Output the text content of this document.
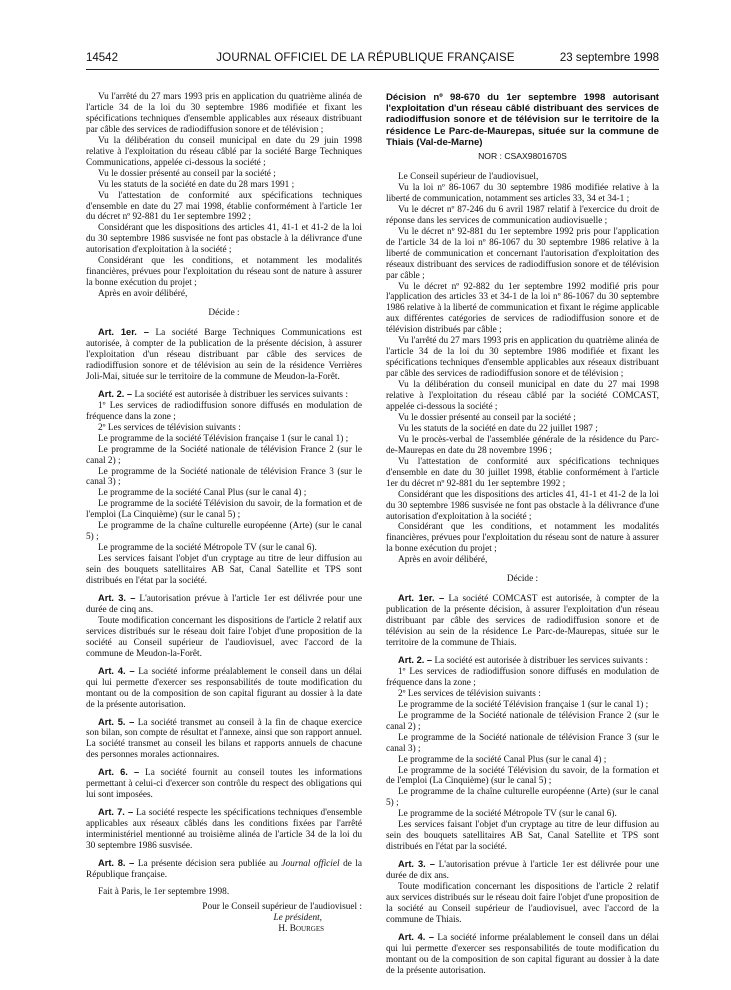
14542	JOURNAL OFFICIEL DE LA RÉPUBLIQUE FRANÇAISE	23 septembre 1998

Vu l'arrêté du 27 mars 1993 pris en application du quatrième alinéa de l'article 34 de la loi du 30 septembre 1986 modifiée et fixant les spécifications techniques d'ensemble applicables aux réseaux distribuant par câble des services de radiodiffusion sonore et de télévision ;

Vu la délibération du conseil municipal en date du 29 juin 1998 relative à l'exploitation du réseau câblé par la société Barge Techniques Communications, appelée ci-dessous la société ;

Vu le dossier présenté au conseil par la société ;

Vu les statuts de la société en date du 28 mars 1991 ;

Vu l'attestation de conformité aux spécifications techniques d'ensemble en date du 27 mai 1998, établie conformément à l'article 1er du décret nº 92-881 du 1er septembre 1992 ;

Considérant que les dispositions des articles 41, 41-1 et 41-2 de la loi du 30 septembre 1986 susvisée ne font pas obstacle à la délivrance d'une autorisation d'exploitation à la société ;

Considérant que les conditions, et notamment les modalités financières, prévues pour l'exploitation du réseau sont de nature à assurer la bonne exécution du projet ;

Après en avoir délibéré,

Décide :

Art. 1er. – La société Barge Techniques Communications est autorisée, à compter de la publication de la présente décision, à assurer l'exploitation d'un réseau distribuant par câble des services de radiodiffusion sonore et de télévision au sein de la résidence Verrières Joli-Mai, située sur le territoire de la commune de Meudon-la-Forêt.

Art. 2. – La société est autorisée à distribuer les services suivants :

1º Les services de radiodiffusion sonore diffusés en modulation de fréquence dans la zone ;

2º Les services de télévision suivants :

Le programme de la société Télévision française 1 (sur le canal 1) ;

Le programme de la Société nationale de télévision France 2 (sur le canal 2) ;

Le programme de la Société nationale de télévision France 3 (sur le canal 3) ;

Le programme de la société Canal Plus (sur le canal 4) ;

Le programme de la société Télévision du savoir, de la formation et de l'emploi (La Cinquième) (sur le canal 5) ;

Le programme de la chaîne culturelle européenne (Arte) (sur le canal 5) ;

Le programme de la société Métropole TV (sur le canal 6).

Les services faisant l'objet d'un cryptage au titre de leur diffusion au sein des bouquets satellitaires AB Sat, Canal Satellite et TPS sont distribués en l'état par la société.

Art. 3. – L'autorisation prévue à l'article 1er est délivrée pour une durée de cinq ans.

Toute modification concernant les dispositions de l'article 2 relatif aux services distribués sur le réseau doit faire l'objet d'une proposition de la société au Conseil supérieur de l'audiovisuel, avec l'accord de la commune de Meudon-la-Forêt.

Art. 4. – La société informe préalablement le conseil dans un délai qui lui permette d'exercer ses responsabilités de toute modification du montant ou de la composition de son capital figurant au dossier à la date de la présente autorisation.

Art. 5. – La société transmet au conseil à la fin de chaque exercice son bilan, son compte de résultat et l'annexe, ainsi que son rapport annuel. La société transmet au conseil les bilans et rapports annuels de chacune des personnes morales actionnaires.

Art. 6. – La société fournit au conseil toutes les informations permettant à celui-ci d'exercer son contrôle du respect des obligations qui lui sont imposées.

Art. 7. – La société respecte les spécifications techniques d'ensemble applicables aux réseaux câblés dans les conditions fixées par l'arrêté interministériel mentionné au troisième alinéa de l'article 34 de la loi du 30 septembre 1986 susvisée.

Art. 8. – La présente décision sera publiée au Journal officiel de la République française.

Fait à Paris, le 1er septembre 1998.

Pour le Conseil supérieur de l'audiovisuel :
Le président,
H. Bourges

Décision nº 98-670 du 1er septembre 1998 autorisant l'exploitation d'un réseau câblé distribuant des services de radiodiffusion sonore et de télévision sur le territoire de la résidence Le Parc-de-Maurepas, située sur la commune de Thiais (Val-de-Marne)

NOR : CSAX9801670S

Le Conseil supérieur de l'audiovisuel,

Vu la loi nº 86-1067 du 30 septembre 1986 modifiée relative à la liberté de communication, notamment ses articles 33, 34 et 34-1 ;

Vu le décret nº 87-246 du 6 avril 1987 relatif à l'exercice du droit de réponse dans les services de communication audiovisuelle ;

Vu le décret nº 92-881 du 1er septembre 1992 pris pour l'application de l'article 34 de la loi nº 86-1067 du 30 septembre 1986 relative à la liberté de communication et concernant l'autorisation d'exploitation des réseaux distribuant des services de radiodiffusion sonore et de télévision par câble ;

Vu le décret nº 92-882 du 1er septembre 1992 modifié pris pour l'application des articles 33 et 34-1 de la loi nº 86-1067 du 30 septembre 1986 relative à la liberté de communication et fixant le régime applicable aux différentes catégories de services de radiodiffusion sonore et de télévision distribués par câble ;

Vu l'arrêté du 27 mars 1993 pris en application du quatrième alinéa de l'article 34 de la loi du 30 septembre 1986 modifiée et fixant les spécifications techniques d'ensemble applicables aux réseaux distribuant par câble des services de radiodiffusion sonore et de télévision ;

Vu la délibération du conseil municipal en date du 27 mai 1998 relative à l'exploitation du réseau câblé par la société COMCAST, appelée ci-dessous la société ;

Vu le dossier présenté au conseil par la société ;

Vu les statuts de la société en date du 22 juillet 1987 ;

Vu le procès-verbal de l'assemblée générale de la résidence du Parc-de-Maurepas en date du 28 novembre 1996 ;

Vu l'attestation de conformité aux spécifications techniques d'ensemble en date du 30 juillet 1998, établie conformément à l'article 1er du décret nº 92-881 du 1er septembre 1992 ;

Considérant que les dispositions des articles 41, 41-1 et 41-2 de la loi du 30 septembre 1986 susvisée ne font pas obstacle à la délivrance d'une autorisation d'exploitation à la société ;

Considérant que les conditions, et notamment les modalités financières, prévues pour l'exploitation du réseau sont de nature à assurer la bonne exécution du projet ;

Après en avoir délibéré,

Décide :

Art. 1er. – La société COMCAST est autorisée, à compter de la publication de la présente décision, à assurer l'exploitation d'un réseau distribuant par câble des services de radiodiffusion sonore et de télévision au sein de la résidence Le Parc-de-Maurepas, située sur le territoire de la commune de Thiais.

Art. 2. – La société est autorisée à distribuer les services suivants :

1º Les services de radiodiffusion sonore diffusés en modulation de fréquence dans la zone ;

2º Les services de télévision suivants :

Le programme de la société Télévision française 1 (sur le canal 1) ;

Le programme de la Société nationale de télévision France 2 (sur le canal 2) ;

Le programme de la Société nationale de télévision France 3 (sur le canal 3) ;

Le programme de la société Canal Plus (sur le canal 4) ;

Le programme de la société Télévision du savoir, de la formation et de l'emploi (La Cinquième) (sur le canal 5) ;

Le programme de la chaîne culturelle européenne (Arte) (sur le canal 5) ;

Le programme de la société Métropole TV (sur le canal 6).

Les services faisant l'objet d'un cryptage au titre de leur diffusion au sein des bouquets satellitaires AB Sat, Canal Satellite et TPS sont distribués en l'état par la société.

Art. 3. – L'autorisation prévue à l'article 1er est délivrée pour une durée de dix ans.

Toute modification concernant les dispositions de l'article 2 relatif aux services distribués sur le réseau doit faire l'objet d'une proposition de la société au Conseil supérieur de l'audiovisuel, avec l'accord de la commune de Thiais.

Art. 4. – La société informe préalablement le conseil dans un délai qui lui permette d'exercer ses responsabilités de toute modification du montant ou de la composition de son capital figurant au dossier à la date de la présente autorisation.
